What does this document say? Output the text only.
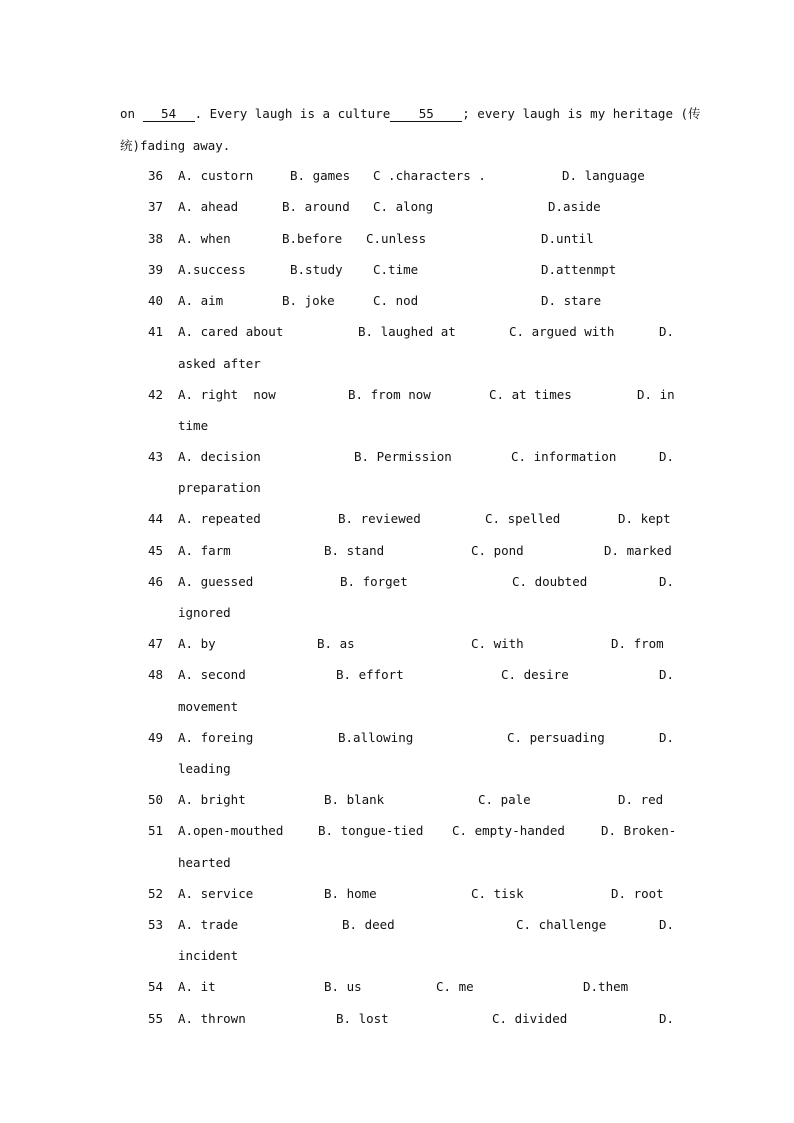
on 54 . Every laugh is a culture 55 ; every laugh is my heritage (传
统)fading away.
36 A. custorn	B. games C .characters .	D. language
37 A. ahead	B. around C. along	D.aside
38 A. when	B.before C.unless	D.until
39 A.success	B.study C.time	D.attenmpt
40 A. aim	B. joke	C. nod	D. stare
41 A. cared about	B. laughed at	C. argued with	D.
asked after
42 A. right  now	B. from now	C. at times	D. in
time
43 A. decision	B. Permission	C. information	D.
preparation
44 A. repeated	B. reviewed	C. spelled	D. kept
45 A. farm	B. stand	C. pond	D. marked
46 A. guessed	B. forget	C. doubted	D.
ignored
47 A. by	B. as	C. with	D. from
48 A. second	B. effort	C. desire	D.
movement
49 A. foreing	B.allowing	C. persuading	D.
leading
50 A. bright	B. blank	C. pale	D. red
51 A.open-mouthed	B. tongue-tied C. empty-handed	D. Broken-
hearted
52 A. service	B. home	C. tisk	D. root
53 A. trade	B. deed	C. challenge	D.
incident
54 A. it	B. us	C. me	D.them
55 A. thrown	B. lost	C. divided	D.
